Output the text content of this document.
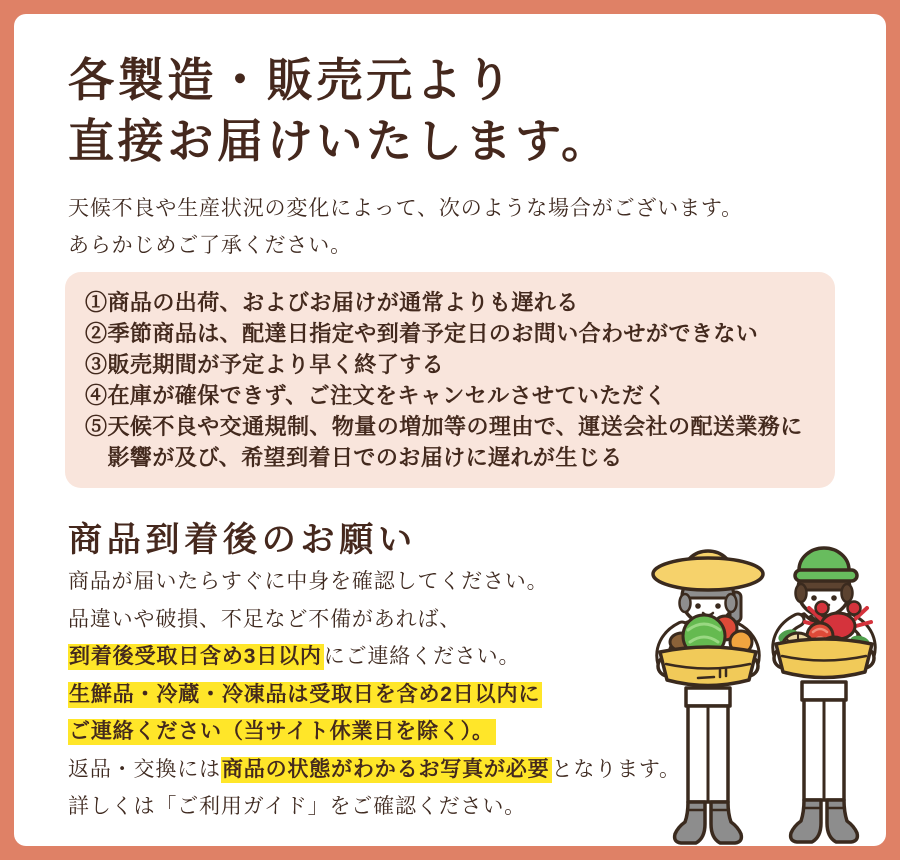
各製造・販売元より
直接お届けいたします。
天候不良や生産状況の変化によって、次のような場合がございます。
あらかじめご了承ください。
①商品の出荷、およびお届けが通常よりも遅れる
②季節商品は、配達日指定や到着予定日のお問い合わせができない
③販売期間が予定より早く終了する
④在庫が確保できず、ご注文をキャンセルさせていただく
⑤天候不良や交通規制、物量の増加等の理由で、運送会社の配送業務に
　影響が及び、希望到着日でのお届けに遅れが生じる
商品到着後のお願い
商品が届いたらすぐに中身を確認してください。
品違いや破損、不足など不備があれば、
到着後受取日含め3日以内にご連絡ください。
生鮮品・冷蔵・冷凍品は受取日を含め2日以内に
ご連絡ください（当サイト休業日を除く）。
返品・交換には商品の状態がわかるお写真が必要となります。
詳しくは「ご利用ガイド」をご確認ください。
